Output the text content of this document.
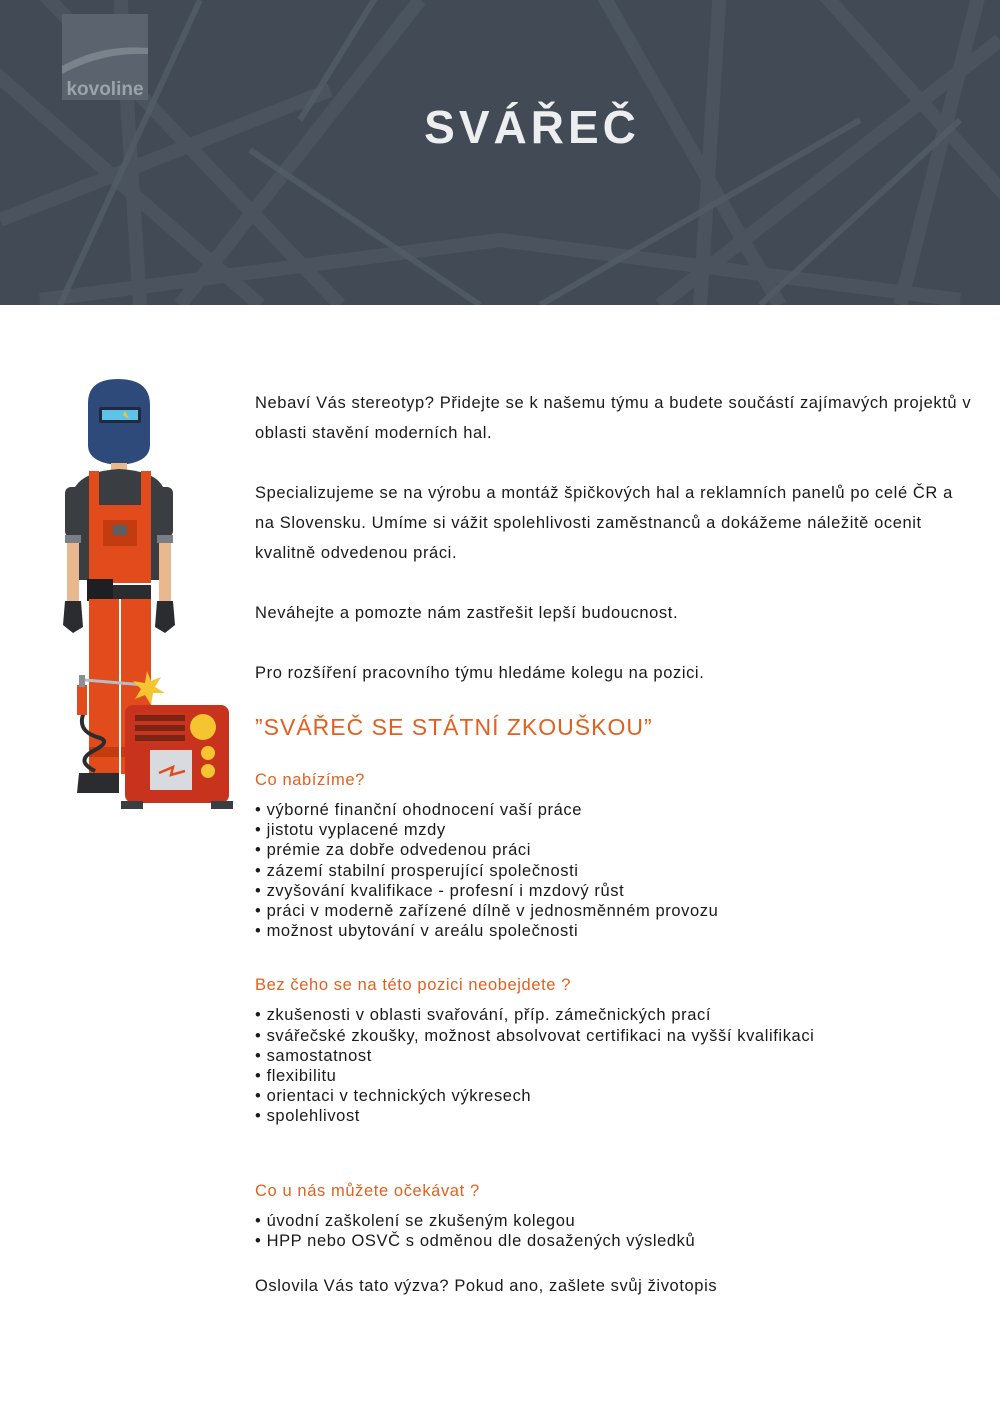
kovoline
SVÁŘEČ

Nebaví Vás stereotyp? Přidejte se k našemu týmu a budete součástí zajímavých projektů v oblasti stavění moderních hal.

Specializujeme se na výrobu a montáž špičkových hal a reklamních panelů po celé ČR a na Slovensku. Umíme si vážit spolehlivosti zaměstnanců a dokážeme náležitě ocenit kvalitně odvedenou práci.

Neváhejte a pomozte nám zastřešit lepší budoucnost.

Pro rozšíření pracovního týmu hledáme kolegu na pozici.

”SVÁŘEČ SE STÁTNÍ ZKOUŠKOU”
Co nabízíme?
• výborné finanční ohodnocení vaší práce
• jistotu vyplacené mzdy
• prémie za dobře odvedenou práci
• zázemí stabilní prosperující společnosti
• zvyšování kvalifikace - profesní i mzdový růst
• práci v moderně zařízené dílně v jednosměnném provozu
• možnost ubytování v areálu společnosti
Bez čeho se na této pozici neobejdete ?
• zkušenosti v oblasti svařování, příp. zámečnických prací
• svářečské zkoušky, možnost absolvovat certifikaci na vyšší kvalifikaci
• samostatnost
• flexibilitu
• orientaci v technických výkresech
• spolehlivost
Co u nás můžete očekávat ?
• úvodní zaškolení se zkušeným kolegou
• HPP nebo OSVČ s odměnou dle dosažených výsledků

Oslovila Vás tato výzva? Pokud ano, zašlete svůj životopis
